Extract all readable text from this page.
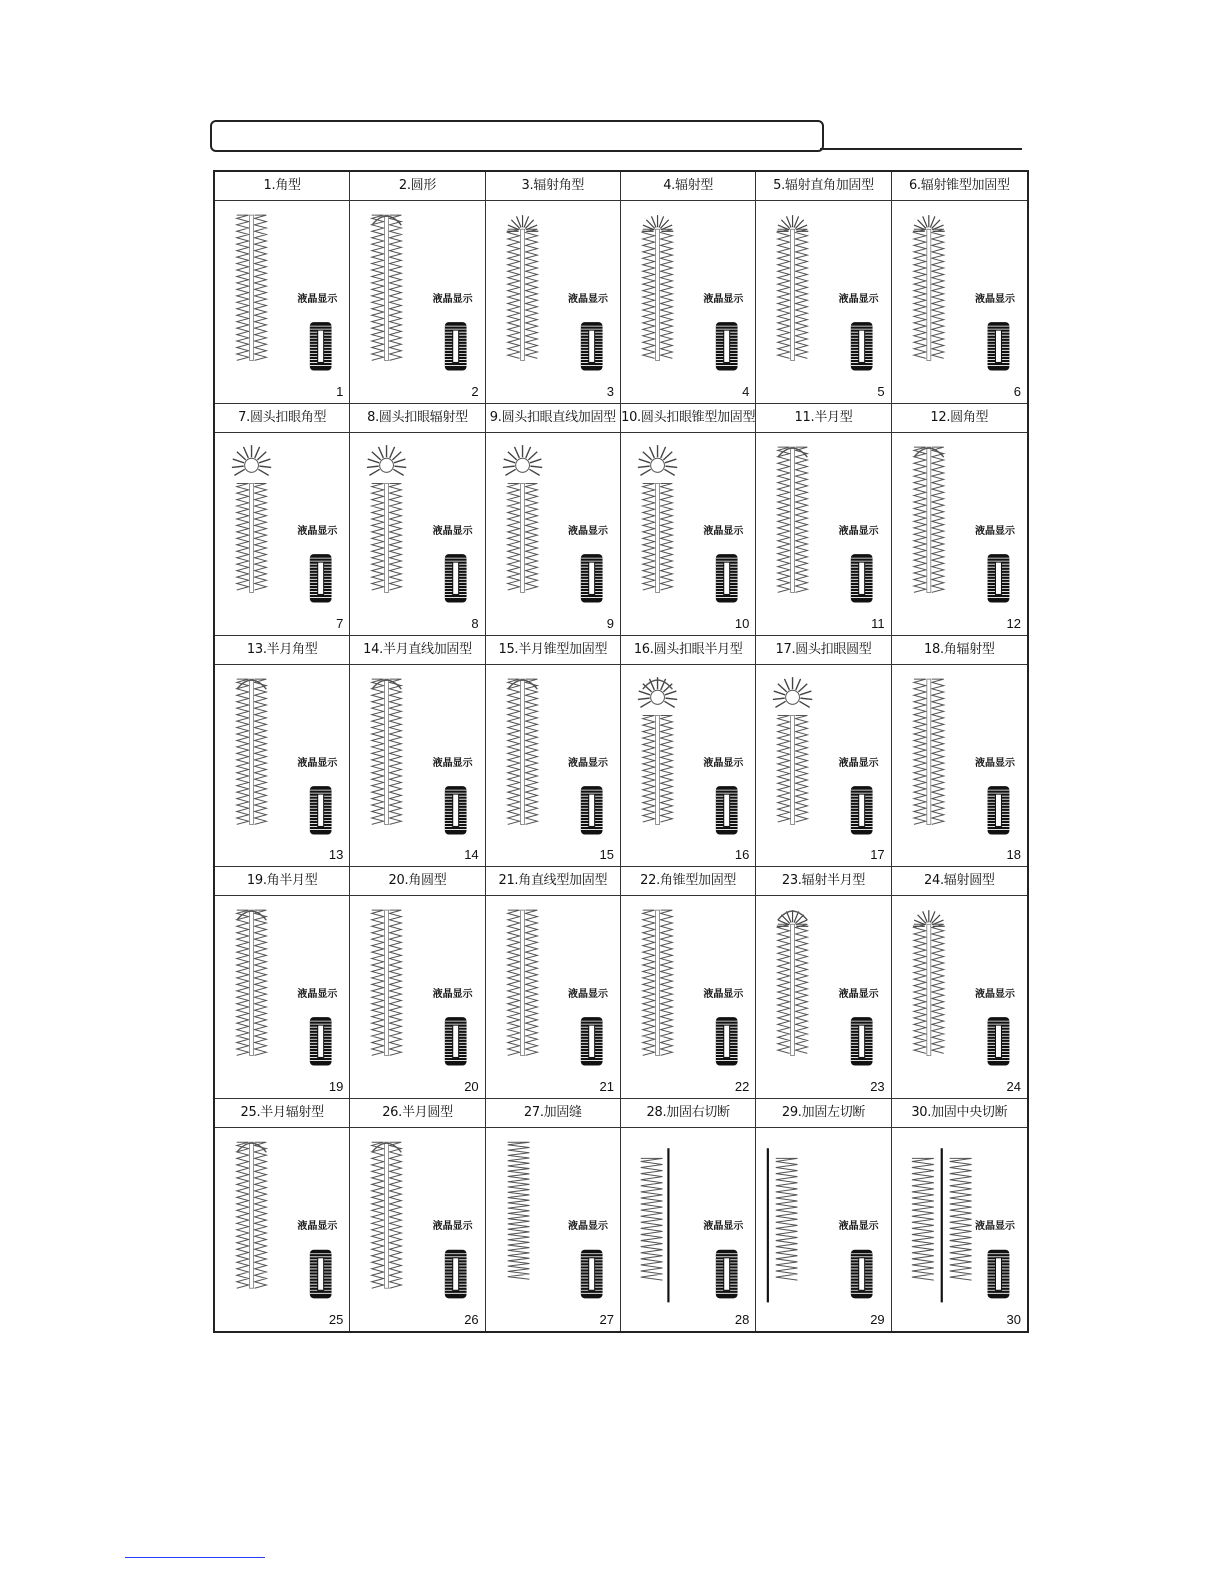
1.角型
液晶显示
1
2.圆形
液晶显示
2
3.辐射角型
液晶显示
3
4.辐射型
液晶显示
4
5.辐射直角加固型
液晶显示
5
6.辐射锥型加固型
液晶显示
6
7.圆头扣眼角型
液晶显示
7
8.圆头扣眼辐射型
液晶显示
8
9.圆头扣眼直线加固型
液晶显示
9
10.圆头扣眼锥型加固型
液晶显示
10
11.半月型
液晶显示
11
12.圆角型
液晶显示
12
13.半月角型
液晶显示
13
14.半月直线加固型
液晶显示
14
15.半月锥型加固型
液晶显示
15
16.圆头扣眼半月型
液晶显示
16
17.圆头扣眼圆型
液晶显示
17
18.角辐射型
液晶显示
18
19.角半月型
液晶显示
19
20.角圆型
液晶显示
20
21.角直线型加固型
液晶显示
21
22.角锥型加固型
液晶显示
22
23.辐射半月型
液晶显示
23
24.辐射圆型
液晶显示
24
25.半月辐射型
液晶显示
25
26.半月圆型
液晶显示
26
27.加固缝
液晶显示
27
28.加固右切断
液晶显示
28
29.加固左切断
液晶显示
29
30.加固中央切断
液晶显示
30
